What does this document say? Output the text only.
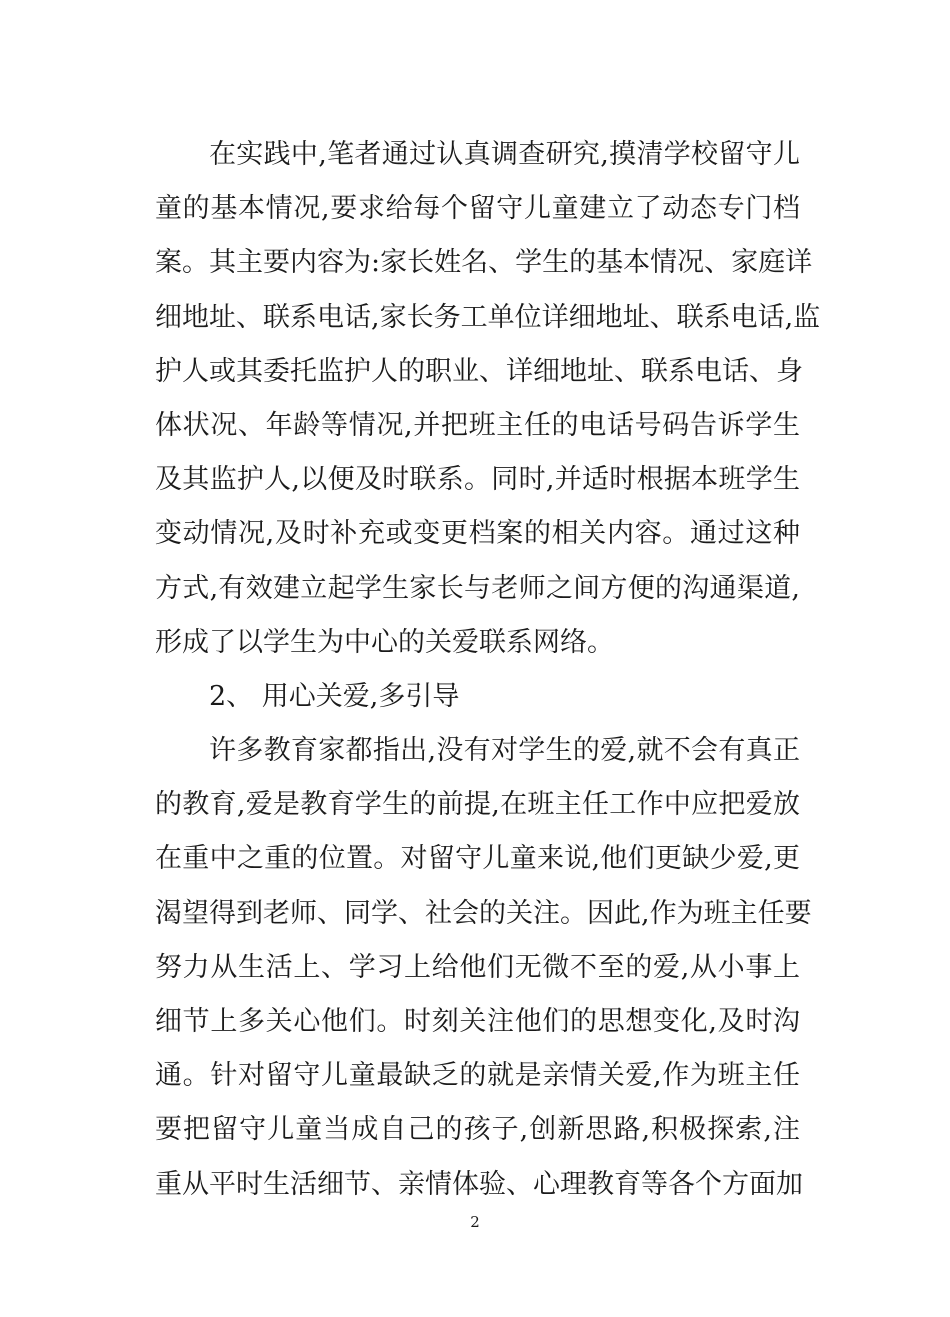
在实践中,笔者通过认真调查研究,摸清学校留守儿
童的基本情况,要求给每个留守儿童建立了动态专门档
案。其主要内容为:家长姓名、学生的基本情况、家庭详
细地址、联系电话,家长务工单位详细地址、联系电话,监
护人或其委托监护人的职业、详细地址、联系电话、身
体状况、年龄等情况,并把班主任的电话号码告诉学生
及其监护人,以便及时联系。同时,并适时根据本班学生
变动情况,及时补充或变更档案的相关内容。通过这种
方式,有效建立起学生家长与老师之间方便的沟通渠道,
形成了以学生为中心的关爱联系网络。
2、 用心关爱,多引导
许多教育家都指出,没有对学生的爱,就不会有真正
的教育,爱是教育学生的前提,在班主任工作中应把爱放
在重中之重的位置。对留守儿童来说,他们更缺少爱,更
渴望得到老师、同学、社会的关注。因此,作为班主任要
努力从生活上、学习上给他们无微不至的爱,从小事上
细节上多关心他们。时刻关注他们的思想变化,及时沟
通。针对留守儿童最缺乏的就是亲情关爱,作为班主任
要把留守儿童当成自己的孩子,创新思路,积极探索,注
重从平时生活细节、亲情体验、心理教育等各个方面加
2
